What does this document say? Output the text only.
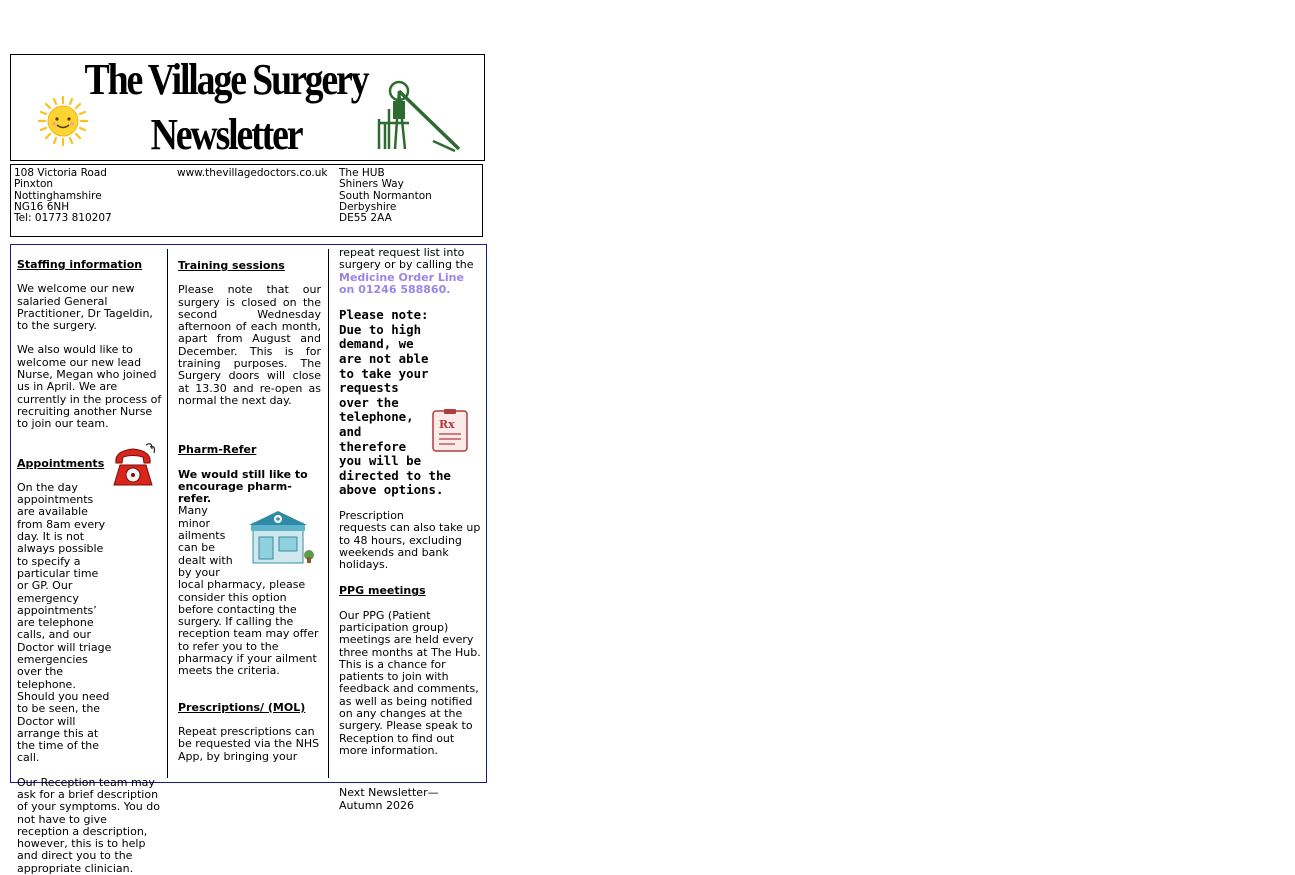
The Village Surgery
Newsletter
108 Victoria Road
Pinxton
Nottinghamshire
NG16 6NH
Tel: 01773 810207
www.thevillagedoctors.co.uk The HUB
Shiners Way
South Normanton
Derbyshire
DE55 2AA

Staffing information

We welcome our new salaried General Practitioner, Dr Tageldin, to the surgery.

We also would like to welcome our new lead Nurse, Megan who joined us in April. We are currently in the process of recruiting another Nurse to join our team.

Appointments

On the day appointments are available from 8am every day. It is not always possible to specify a particular time or GP. Our emergency appointments’ are telephone calls, and our Doctor will triage emergencies over the telephone. Should you need to be seen, the Doctor will arrange this at the time of the call.

Our Reception team may ask for a brief description of your symptoms. You do not have to give reception a description, however, this is to help and direct you to the appropriate clinician.

Training sessions

Please note that our surgery is closed on the second Wednesday afternoon of each month, apart from August and December. This is for training purposes. The Surgery doors will close at 13.30 and re-open as normal the next day.

Pharm-Refer

We would still like to encourage pharm-refer.

Many minor ailments can be dealt with by your local pharmacy, please consider this option before contacting the surgery. If calling the reception team may offer to refer you to the pharmacy if your ailment meets the criteria.

Prescriptions/ (MOL)

Repeat prescriptions can be requested via the NHS App, by bringing your

repeat request list into surgery or by calling the

Medicine Order Line on 01246 588860.

Please note: Due to high demand, we are not able to take your requests over the telephone, and therefore you will be directed to the above options.

Prescription requests can also take up to 48 hours, excluding weekends and bank holidays.

PPG meetings

Our PPG (Patient participation group) meetings are held every three months at The Hub. This is a chance for patients to join with feedback and comments, as well as being notified on any changes at the surgery. Please speak to Reception to find out more information.

Next Newsletter— Autumn 2026

Rx
